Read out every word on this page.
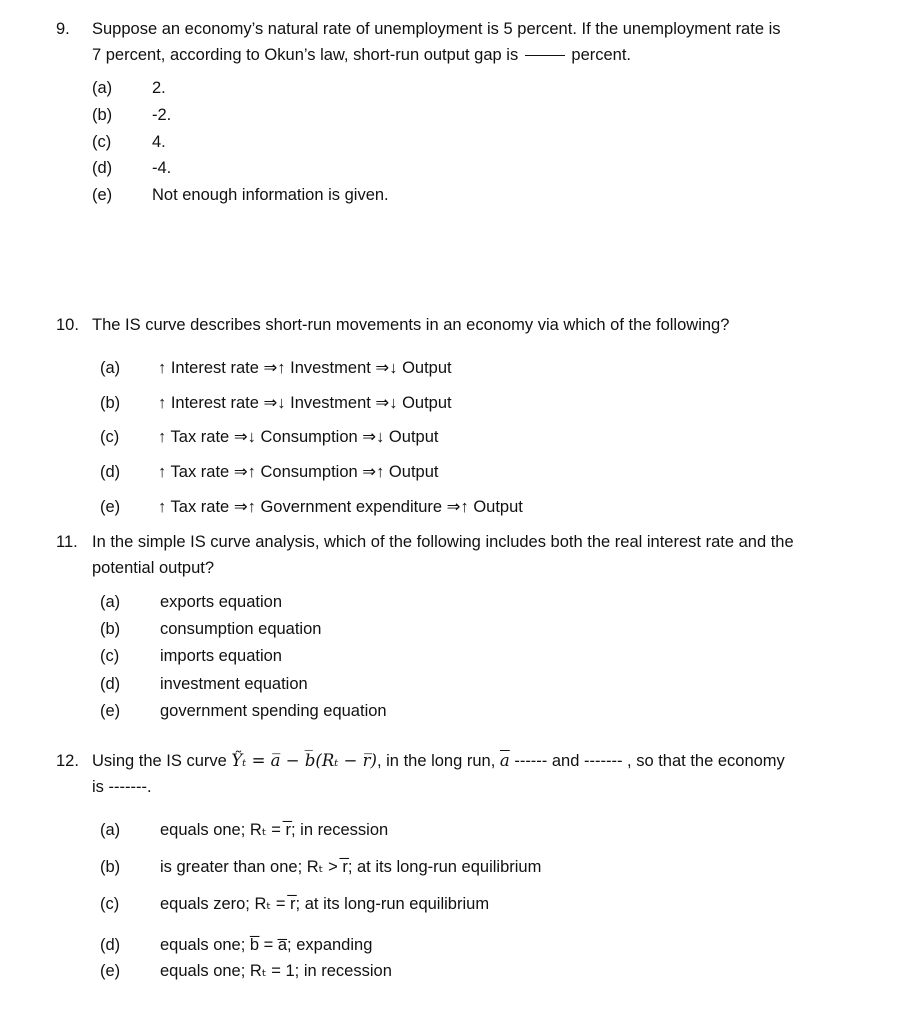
9. Suppose an economy’s natural rate of unemployment is 5 percent. If the unemployment rate is
7 percent, according to Okun’s law, short-run output gap is	percent.
(a) 2.
(b) -2.
(c) 4.
(d) -4.
(e) Not enough information is given.
10. The IS curve describes short-run movements in an economy via which of the following?
(a) ↑ Interest rate ⇒↑ Investment ⇒↓ Output
(b) ↑ Interest rate ⇒↓ Investment ⇒↓ Output
(c) ↑ Tax rate ⇒↓ Consumption ⇒↓ Output
(d) ↑ Tax rate ⇒↑ Consumption ⇒↑ Output
(e) ↑ Tax rate ⇒↑ Government expenditure ⇒↑ Output
11. In the simple IS curve analysis, which of the following includes both the real interest rate and the
potential output?
(a) exports equation
(b) consumption equation
(c) imports equation
(d) investment equation
(e) government spending equation
12. Using the IS curve Ỹₜ = a̅ − b̅(Rₜ − r̅), in the long run, $\overline{a}$ ------ and ------- , so that the economy
is -------.
(a) equals one; Rₜ = r̅; in recession
(b) is greater than one; Rₜ > r̅; at its long-run equilibrium
(c) equals zero; Rₜ = r̅; at its long-run equilibrium
(d) equals one; b̅ = a̅; expanding
(e) equals one; Rₜ = 1; in recession
